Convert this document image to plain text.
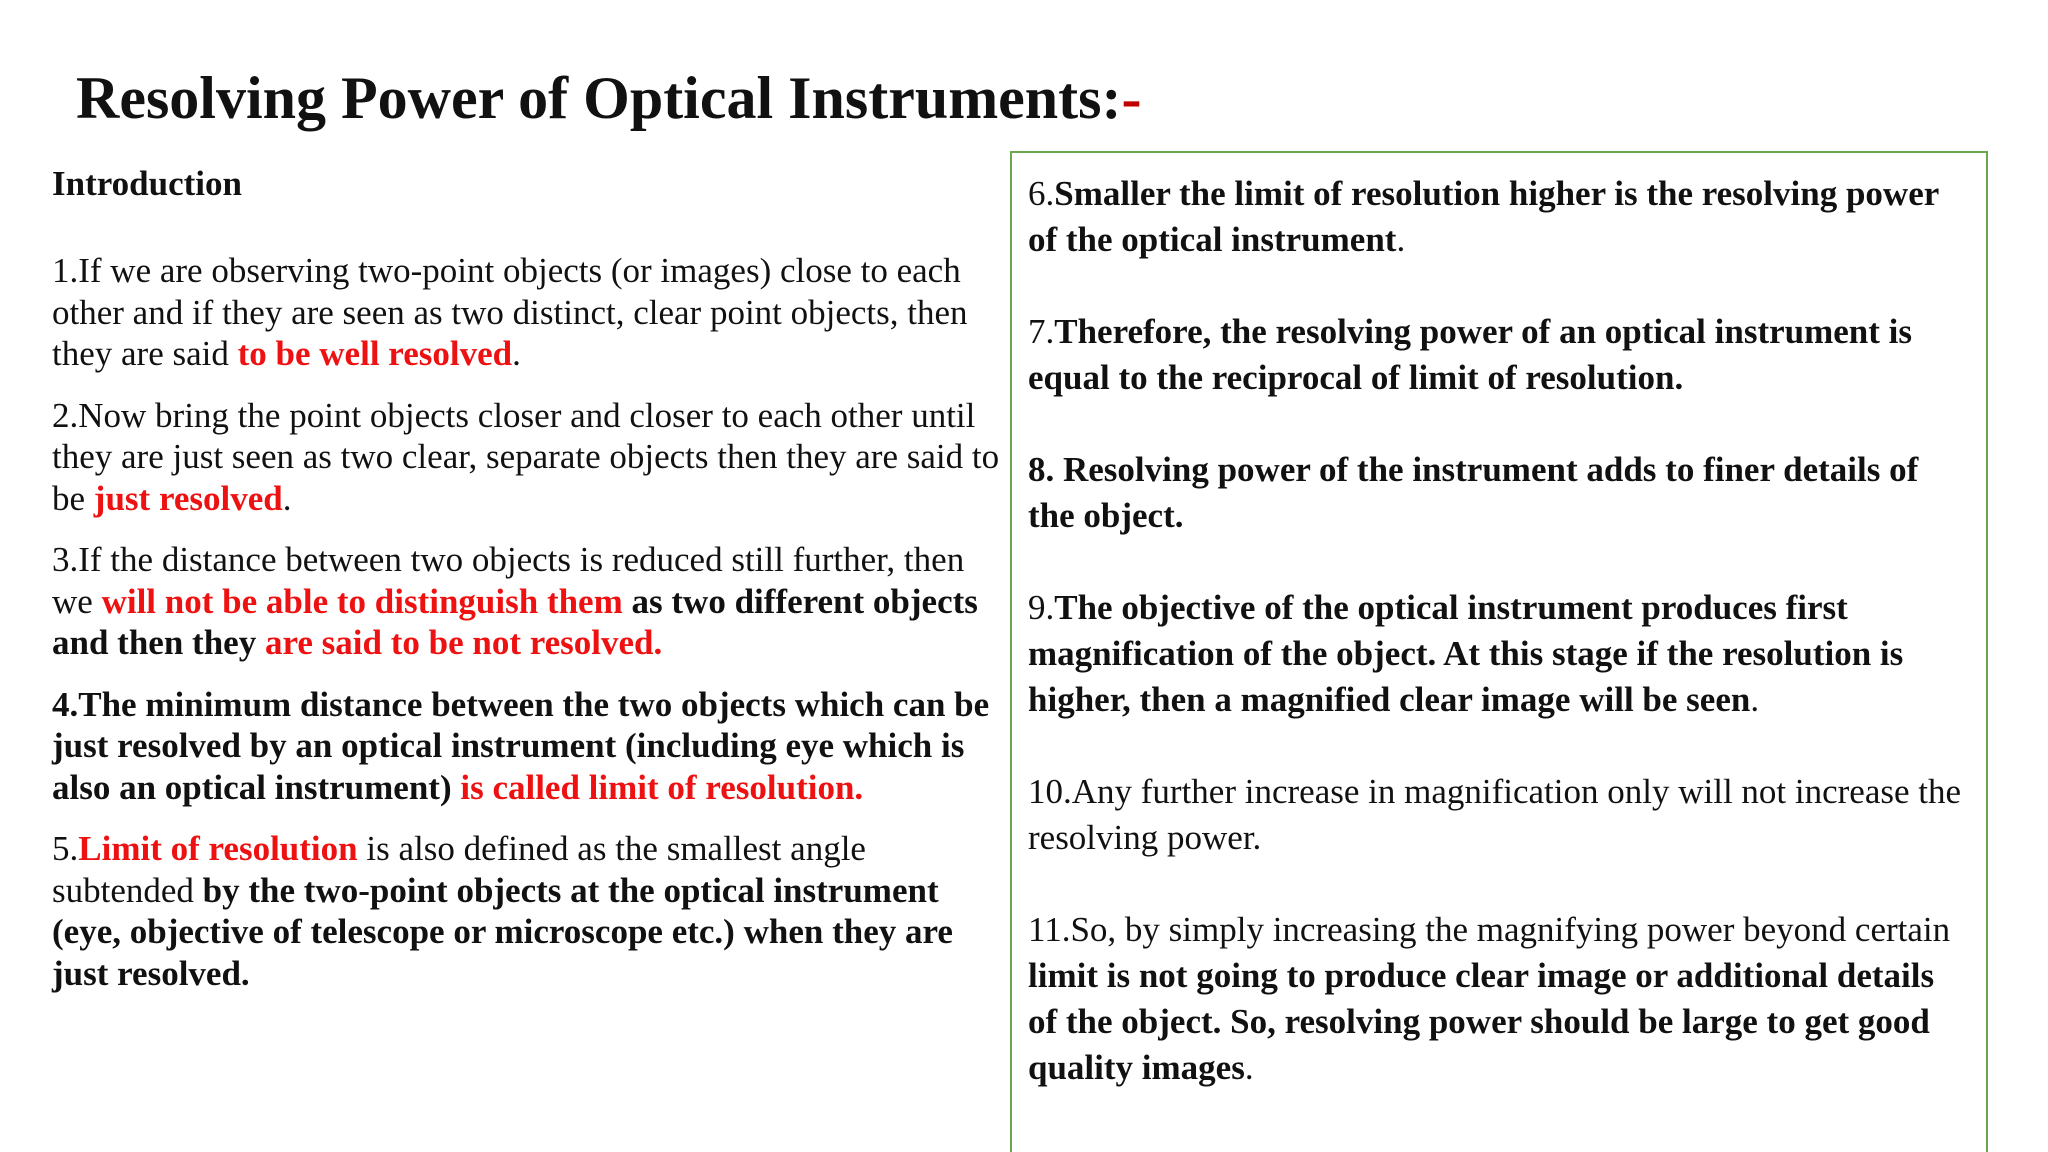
Resolving Power of Optical Instruments:-
Introduction

1.If we are observing two-point objects (or images) close to each other and if they are seen as two distinct, clear point objects, then they are said to be well resolved.

2.Now bring the point objects closer and closer to each other until they are just seen as two clear, separate objects then they are said to be just resolved.

3.If the distance between two objects is reduced still further, then we will not be able to distinguish them as two different objects and then they are said to be not resolved.

4.The minimum distance between the two objects which can be just resolved by an optical instrument (including eye which is also an optical instrument) is called limit of resolution.

5.Limit of resolution is also defined as the smallest angle subtended by the two-point objects at the optical instrument (eye, objective of telescope or microscope etc.) when they are just resolved.

6.Smaller the limit of resolution higher is the resolving power of the optical instrument.

7.Therefore, the resolving power of an optical instrument is equal to the reciprocal of limit of resolution.

8. Resolving power of the instrument adds to finer details of the object.

9.The objective of the optical instrument produces first magnification of the object. At this stage if the resolution is higher, then a magnified clear image will be seen.

10.Any further increase in magnification only will not increase the resolving power.

11.So, by simply increasing the magnifying power beyond certain limit is not going to produce clear image or additional details of the object. So, resolving power should be large to get good quality images.
